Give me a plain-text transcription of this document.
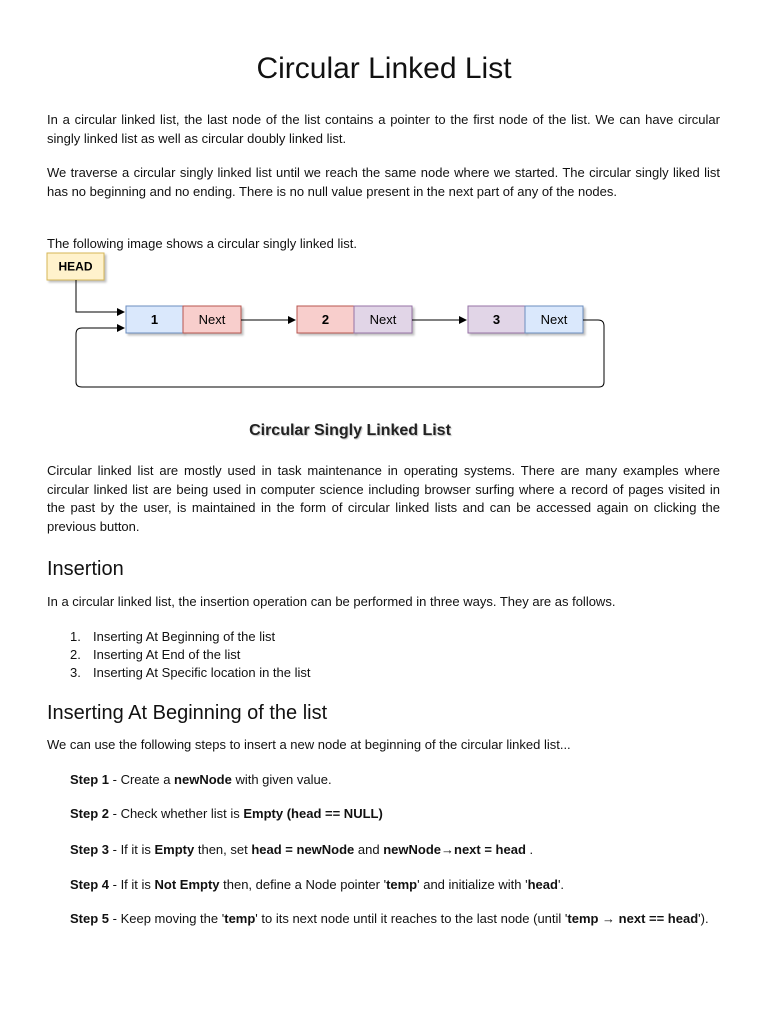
Circular Linked List

In a circular linked list, the last node of the list contains a pointer to the first node of the list. We can have circular singly linked list as well as circular doubly linked list.

We traverse a circular singly linked list until we reach the same node where we started. The circular singly liked list has no beginning and no ending. There is no null value present in the next part of any of the nodes.

The following image shows a circular singly linked list.

HEAD
1	Next	2	Next	3	Next
Circular Singly Linked List

Circular linked list are mostly used in task maintenance in operating systems. There are many examples where circular linked list are being used in computer science including browser surfing where a record of pages visited in the past by the user, is maintained in the form of circular linked lists and can be accessed again on clicking the previous button.

Insertion

In a circular linked list, the insertion operation can be performed in three ways. They are as follows.

1. Inserting At Beginning of the list
2. Inserting At End of the list
3. Inserting At Specific location in the list
Inserting At Beginning of the list

We can use the following steps to insert a new node at beginning of the circular linked list...

Step 1 - Create a newNode with given value.

Step 2 - Check whether list is Empty (head == NULL)

Step 3 - If it is Empty then, set head = newNode and newNode→next = head .

Step 4 - If it is Not Empty then, define a Node pointer 'temp' and initialize with 'head'.

Step 5 - Keep moving the 'temp' to its next node until it reaches to the last node (until 'temp → next == head').
